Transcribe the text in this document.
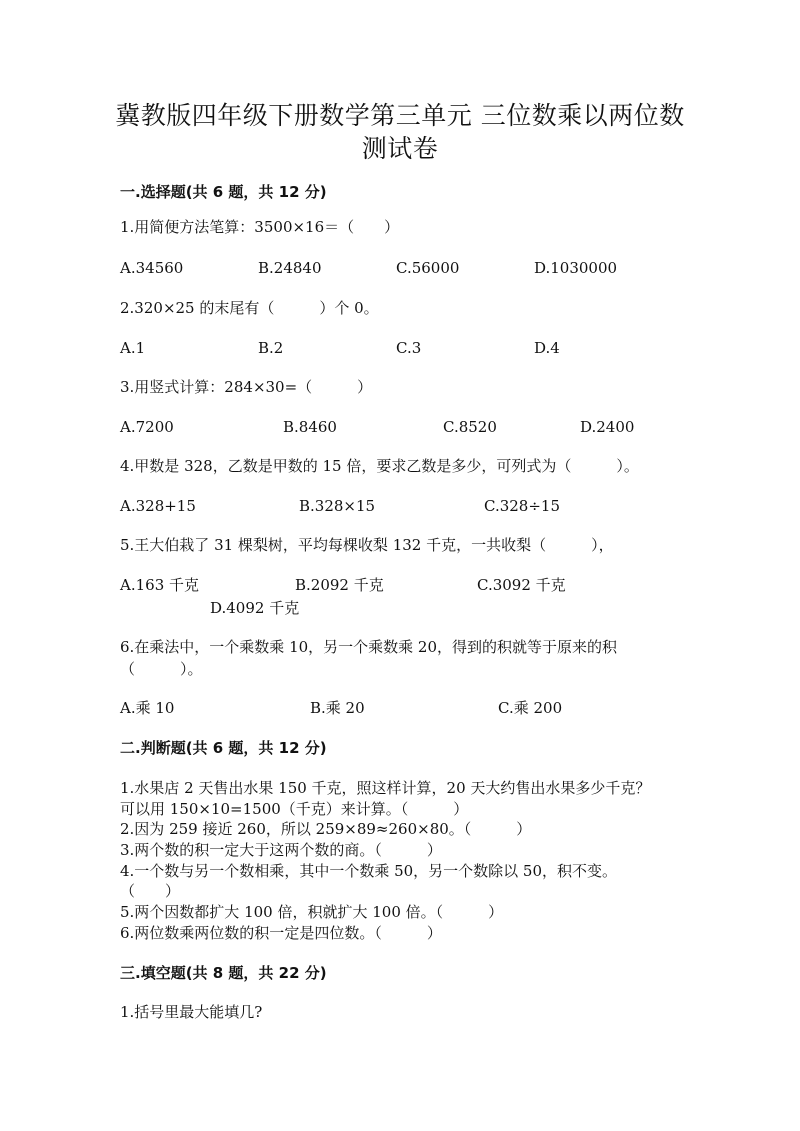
冀教版四年级下册数学第三单元 三位数乘以两位数
测试卷
一.选择题(共 6 题，共 12 分)
1.用简便方法笔算：3500×16＝（　　）
A.34560	B.24840	C.56000	D.1030000
2.320×25 的末尾有（　　　）个 0。
A.1	B.2	C.3	D.4
3.用竖式计算：284×30=（　　　）
A.7200	B.8460	C.8520	D.2400
4.甲数是 328，乙数是甲数的 15 倍，要求乙数是多少，可列式为（　　　）。
A.328+15	B.328×15	C.328÷15
5.王大伯栽了 31 棵梨树，平均每棵收梨 132 千克，一共收梨（　　　），
A.163 千克	B.2092 千克	C.3092 千克
D.4092 千克
6.在乘法中，一个乘数乘 10，另一个乘数乘 20，得到的积就等于原来的积
（　　　）。
A.乘 10	B.乘 20	C.乘 200
二.判断题(共 6 题，共 12 分)
1.水果店 2 天售出水果 150 千克，照这样计算，20 天大约售出水果多少千克？
可以用 150×10=1500（千克）来计算。（　　　）
2.因为 259 接近 260，所以 259×89≈260×80。（　　　）
3.两个数的积一定大于这两个数的商。（　　　）
4.一个数与另一个数相乘，其中一个数乘 50，另一个数除以 50，积不变。
（　　）
5.两个因数都扩大 100 倍，积就扩大 100 倍。（　　　）
6.两位数乘两位数的积一定是四位数。（　　　）
三.填空题(共 8 题，共 22 分)
1.括号里最大能填几?
